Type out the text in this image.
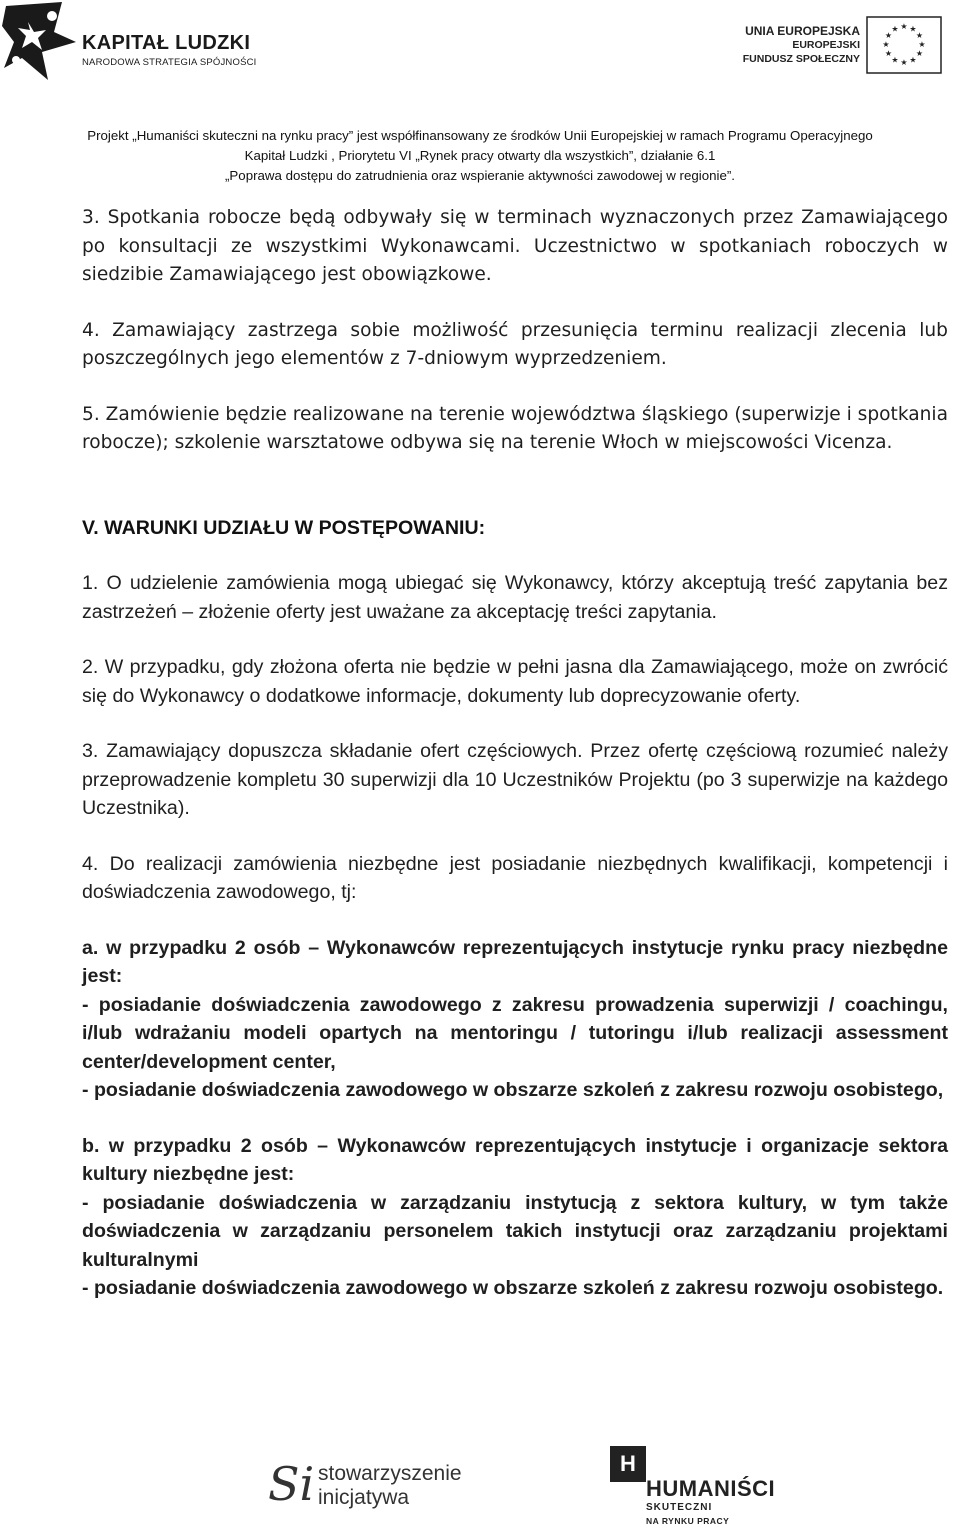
KAPITAŁ LUDZKI
NARODOWA STRATEGIA SPÓJNOŚCI
UNIA EUROPEJSKA
EUROPEJSKI
FUNDUSZ SPOŁECZNY
★ ★
★
★
★
★
★
★
★
★
★
★
Projekt „Humaniści skuteczni na rynku pracy” jest współfinansowany ze środków Unii Europejskiej w ramach Programu Operacyjnego
Kapitał Ludzki , Priorytetu VI „Rynek pracy otwarty dla wszystkich”, działanie 6.1
„Poprawa dostępu do zatrudnienia oraz wspieranie aktywności zawodowej w regionie”.

3. Spotkania robocze będą odbywały się w terminach wyznaczonych przez Zamawiającego po konsultacji ze wszystkimi Wykonawcami. Uczestnictwo w spotkaniach roboczych w siedzibie Zamawiającego jest obowiązkowe.

4. Zamawiający zastrzega sobie możliwość przesunięcia terminu realizacji zlecenia lub poszczególnych jego elementów z 7-dniowym wyprzedzeniem.

5. Zamówienie będzie realizowane na terenie województwa śląskiego (superwizje i spotkania robocze); szkolenie warsztatowe odbywa się na terenie Włoch w miejscowości Vicenza.

V. WARUNKI UDZIAŁU W POSTĘPOWANIU:

1. O udzielenie zamówienia mogą ubiegać się Wykonawcy, którzy akceptują treść zapytania bez zastrzeżeń – złożenie oferty jest uważane za akceptację treści zapytania.

2. W przypadku, gdy złożona oferta nie będzie w pełni jasna dla Zamawiającego, może on zwrócić się do Wykonawcy o dodatkowe informacje, dokumenty lub doprecyzowanie oferty.

3. Zamawiający dopuszcza składanie ofert częściowych. Przez ofertę częściową rozumieć należy przeprowadzenie kompletu 30 superwizji dla 10 Uczestników Projektu (po 3 superwizje na każdego Uczestnika).

4. Do realizacji zamówienia niezbędne jest posiadanie niezbędnych kwalifikacji, kompetencji i doświadczenia zawodowego, tj:

a. w przypadku 2 osób – Wykonawców reprezentujących instytucje rynku pracy niezbędne jest:

- posiadanie doświadczenia zawodowego z zakresu prowadzenia superwizji / coachingu, i/lub wdrażaniu modeli opartych na mentoringu / tutoringu i/lub realizacji assessment center/development center,

- posiadanie doświadczenia zawodowego w obszarze szkoleń z zakresu rozwoju osobistego,

b. w przypadku 2 osób – Wykonawców reprezentujących instytucje i organizacje sektora kultury niezbędne jest:

- posiadanie doświadczenia w zarządzaniu instytucją z sektora kultury, w tym także doświadczenia w zarządzaniu personelem takich instytucji oraz zarządzaniu projektami kulturalnymi

- posiadanie doświadczenia zawodowego w obszarze szkoleń z zakresu rozwoju osobistego.

Si stowarzyszenie
inicjatywa
H
HUMANIŚCI
SKUTECZNI
NA RYNKU PRACY
